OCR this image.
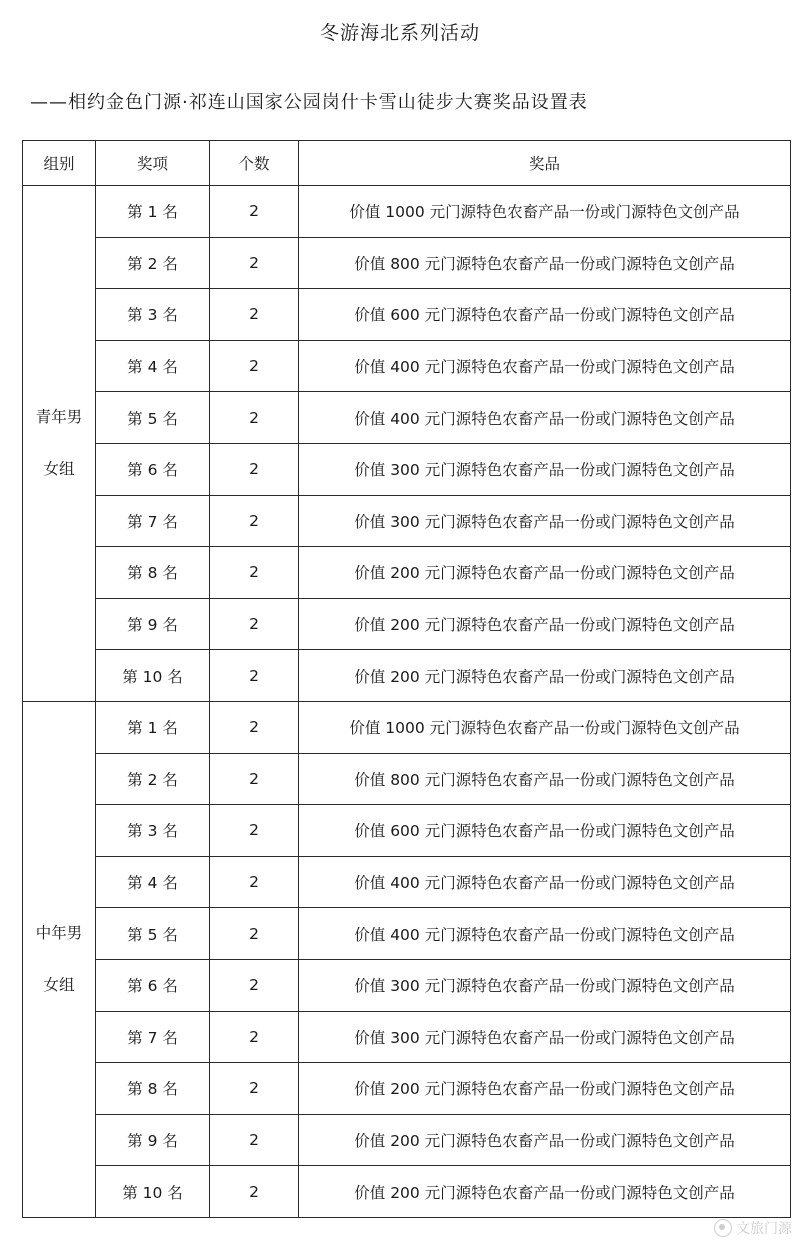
冬游海北系列活动
——相约金色门源·祁连山国家公园岗什卡雪山徒步大赛奖品设置表
组别	奖项	个数	奖品

青年男
女组	第 1 名	2	价值 1000 元门源特色农畜产品一份或门源特色文创产品
	第 2 名	2	价值 800 元门源特色农畜产品一份或门源特色文创产品
	第 3 名	2	价值 600 元门源特色农畜产品一份或门源特色文创产品
	第 4 名	2	价值 400 元门源特色农畜产品一份或门源特色文创产品
	第 5 名	2	价值 400 元门源特色农畜产品一份或门源特色文创产品
	第 6 名	2	价值 300 元门源特色农畜产品一份或门源特色文创产品
	第 7 名	2	价值 300 元门源特色农畜产品一份或门源特色文创产品
	第 8 名	2	价值 200 元门源特色农畜产品一份或门源特色文创产品
	第 9 名	2	价值 200 元门源特色农畜产品一份或门源特色文创产品
	第 10 名	2	价值 200 元门源特色农畜产品一份或门源特色文创产品

中年男
女组	第 1 名	2	价值 1000 元门源特色农畜产品一份或门源特色文创产品
	第 2 名	2	价值 800 元门源特色农畜产品一份或门源特色文创产品
	第 3 名	2	价值 600 元门源特色农畜产品一份或门源特色文创产品
	第 4 名	2	价值 400 元门源特色农畜产品一份或门源特色文创产品
	第 5 名	2	价值 400 元门源特色农畜产品一份或门源特色文创产品
	第 6 名	2	价值 300 元门源特色农畜产品一份或门源特色文创产品
	第 7 名	2	价值 300 元门源特色农畜产品一份或门源特色文创产品
	第 8 名	2	价值 200 元门源特色农畜产品一份或门源特色文创产品
	第 9 名	2	价值 200 元门源特色农畜产品一份或门源特色文创产品
	第 10 名	2	价值 200 元门源特色农畜产品一份或门源特色文创产品
文旅门源
